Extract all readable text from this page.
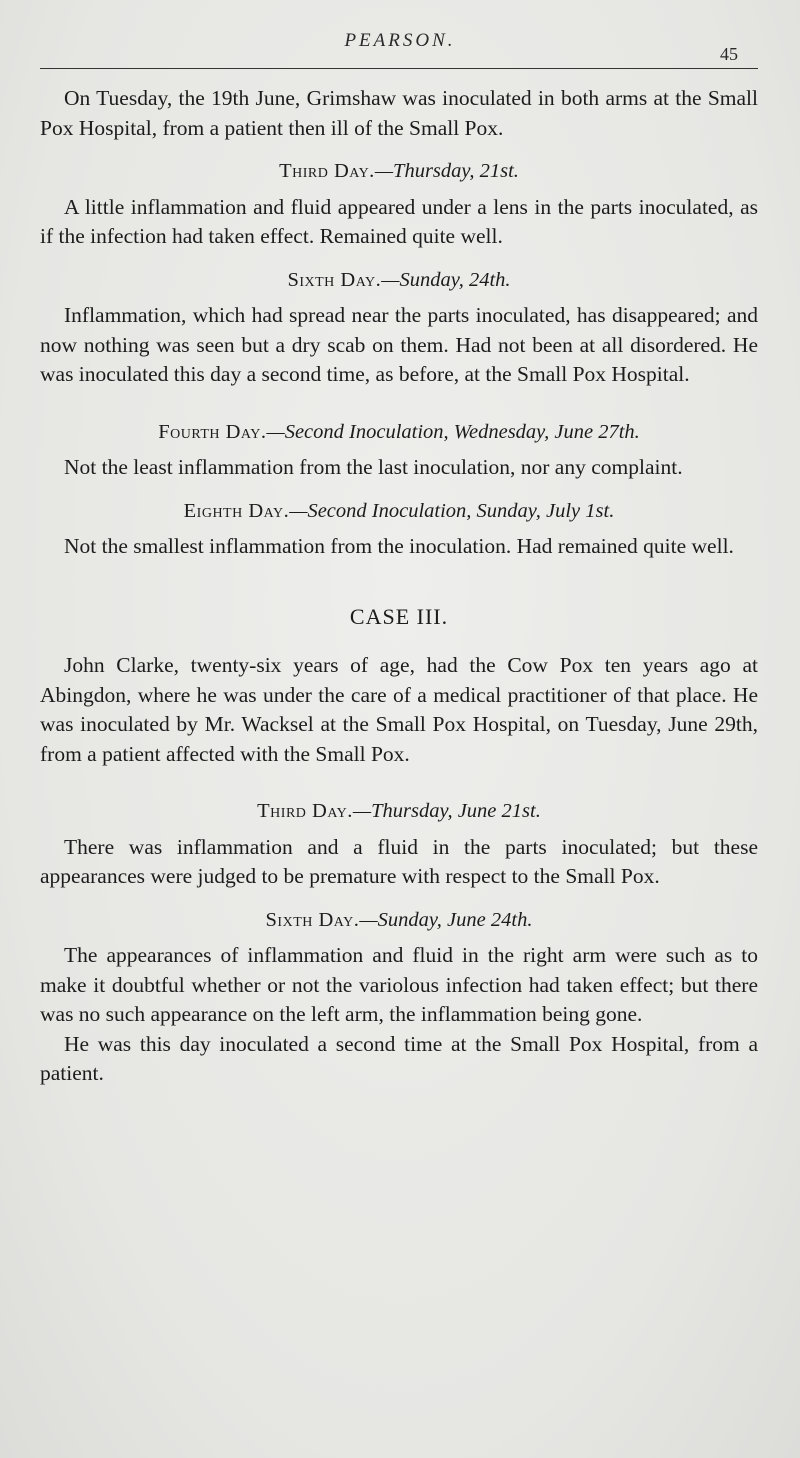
PEARSON.
45

On Tuesday, the 19th June, Grimshaw was inoculated in both arms at the Small Pox Hospital, from a patient then ill of the Small Pox.

Third Day.—Thursday, 21st.

A little inflammation and fluid appeared under a lens in the parts inoculated, as if the infection had taken effect. Remained quite well.

Sixth Day.—Sunday, 24th.

Inflammation, which had spread near the parts inoculated, has disappeared; and now nothing was seen but a dry scab on them. Had not been at all disordered. He was inoculated this day a second time, as before, at the Small Pox Hospital.

Fourth Day.—Second Inoculation, Wednesday, June 27th.

Not the least inflammation from the last inoculation, nor any complaint.

Eighth Day.—Second Inoculation, Sunday, July 1st.

Not the smallest inflammation from the inoculation. Had remained quite well.

CASE III.

John Clarke, twenty-six years of age, had the Cow Pox ten years ago at Abingdon, where he was under the care of a medical practitioner of that place. He was inoculated by Mr. Wacksel at the Small Pox Hospital, on Tuesday, June 29th, from a patient affected with the Small Pox.

Third Day.—Thursday, June 21st.

There was inflammation and a fluid in the parts inoculated; but these appearances were judged to be premature with respect to the Small Pox.

Sixth Day.—Sunday, June 24th.

The appearances of inflammation and fluid in the right arm were such as to make it doubtful whether or not the variolous infection had taken effect; but there was no such appearance on the left arm, the inflammation being gone.

He was this day inoculated a second time at the Small Pox Hospital, from a patient.
